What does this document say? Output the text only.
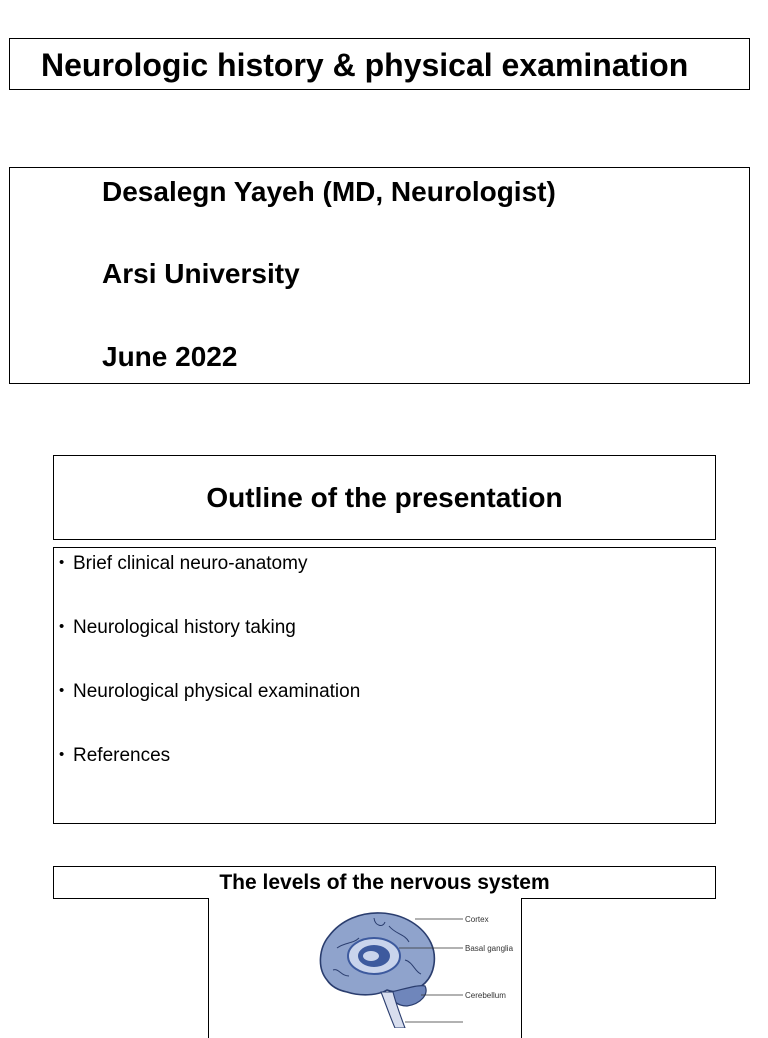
Neurologic history & physical examination

Desalegn Yayeh (MD, Neurologist)

Arsi University

June 2022

Outline of the presentation
• Brief clinical neuro-anatomy
• Neurological history taking
• Neurological physical examination
• References
The levels of the nervous system
Cortex
Basal ganglia
Cerebellum
